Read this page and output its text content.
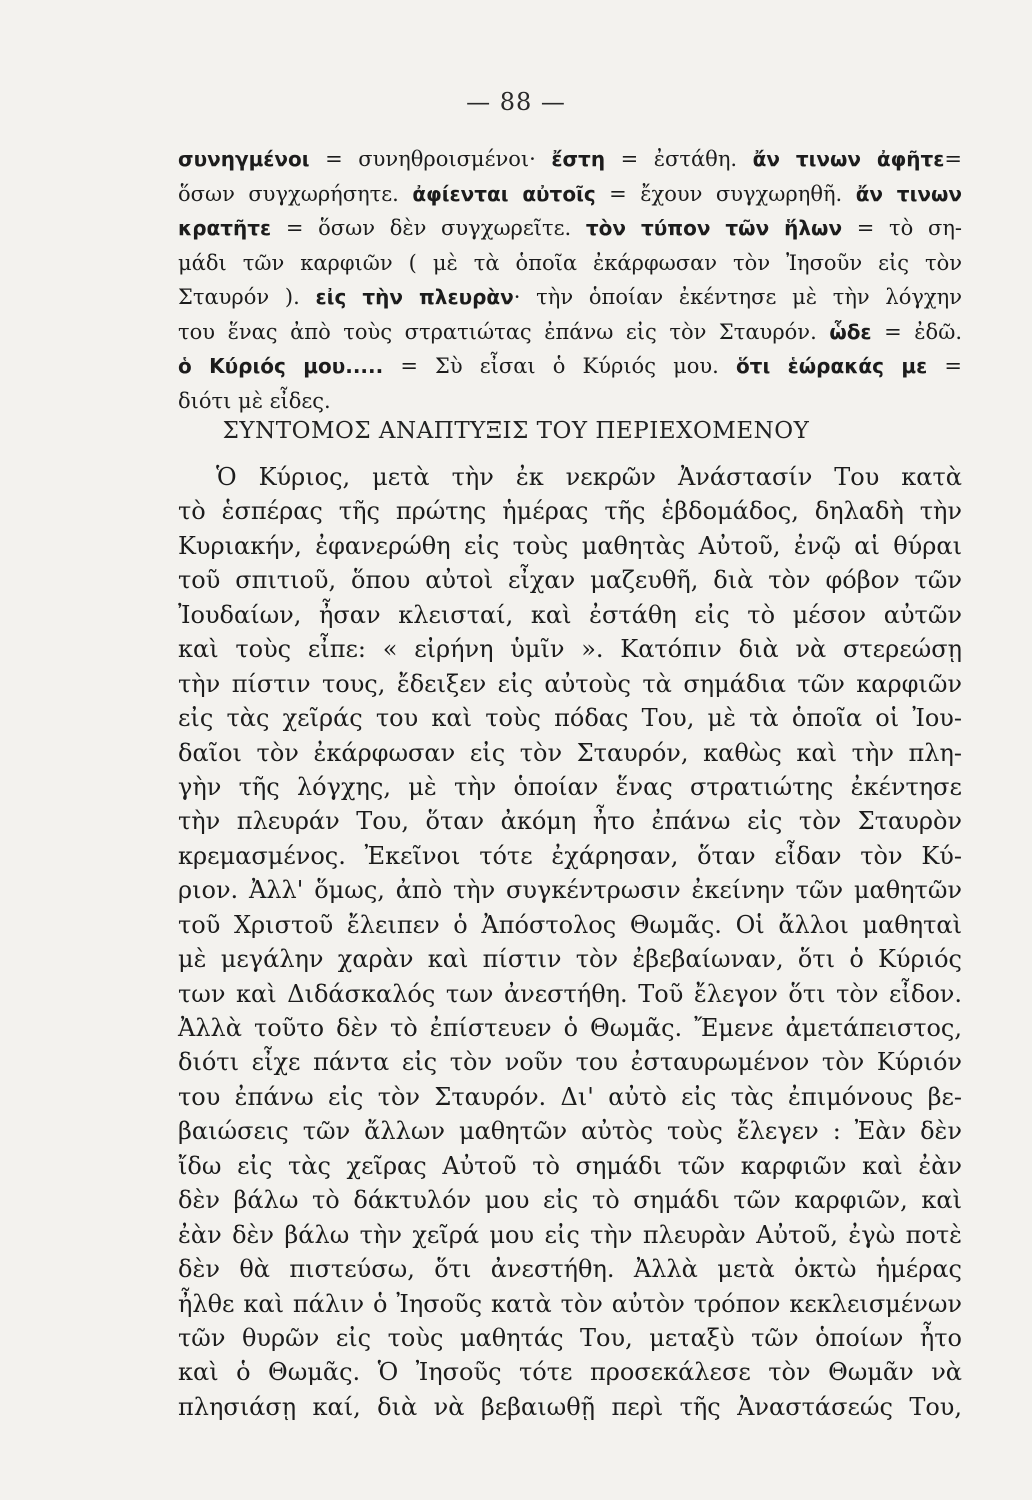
— 88 —
συνηγμένοι = συνηθροισμένοι· ἔστη = ἐστάθη. ἄν τινων ἀφῆτε=
ὅσων συγχωρήσητε. ἀφίενται αὐτοῖς = ἔχουν συγχωρηθῆ. ἄν τινων
κρατῆτε = ὅσων δὲν συγχωρεῖτε. τὸν τύπον τῶν ἥλων = τὸ ση-
μάδι τῶν καρφιῶν ( μὲ τὰ ὁποῖα ἐκάρφωσαν τὸν Ἰησοῦν εἰς τὸν
Σταυρόν ). εἰς τὴν πλευρὰν· τὴν ὁποίαν ἐκέντησε μὲ τὴν λόγχην
του ἕνας ἀπὸ τοὺς στρατιώτας ἐπάνω εἰς τὸν Σταυρόν. ὧδε = ἐδῶ.
ὁ Κύριός μου..... = Σὺ εἶσαι ὁ Κύριός μου. ὅτι ἑώρακάς με =
διότι μὲ εἶδες.
ΣΥΝΤΟΜΟΣ ΑΝΑΠΤΥΞΙΣ ΤΟΥ ΠΕΡΙΕΧΟΜΕΝΟΥ
Ὁ Κύριος, μετὰ τὴν ἐκ νεκρῶν Ἀνάστασίν Του κατὰ
τὸ ἑσπέρας τῆς πρώτης ἡμέρας τῆς ἑβδομάδος, δηλαδὴ τὴν
Κυριακήν, ἐφανερώθη εἰς τοὺς μαθητὰς Αὐτοῦ, ἐνῷ αἱ θύραι
τοῦ σπιτιοῦ, ὅπου αὐτοὶ εἶχαν μαζευθῆ, διὰ τὸν φόβον τῶν
Ἰουδαίων, ἦσαν κλεισταί, καὶ ἐστάθη εἰς τὸ μέσον αὐτῶν
καὶ τοὺς εἶπε: « εἰρήνη ὑμῖν ». Κατόπιν διὰ νὰ στερεώσῃ
τὴν πίστιν τους, ἔδειξεν εἰς αὐτοὺς τὰ σημάδια τῶν καρφιῶν
εἰς τὰς χεῖράς του καὶ τοὺς πόδας Του, μὲ τὰ ὁποῖα οἱ Ἰου-
δαῖοι τὸν ἐκάρφωσαν εἰς τὸν Σταυρόν, καθὼς καὶ τὴν πλη-
γὴν τῆς λόγχης, μὲ τὴν ὁποίαν ἕνας στρατιώτης ἐκέντησε
τὴν πλευράν Του, ὅταν ἀκόμη ἦτο ἐπάνω εἰς τὸν Σταυρὸν
κρεμασμένος. Ἐκεῖνοι τότε ἐχάρησαν, ὅταν εἶδαν τὸν Κύ-
ριον. Ἀλλ' ὅμως, ἀπὸ τὴν συγκέντρωσιν ἐκείνην τῶν μαθητῶν
τοῦ Χριστοῦ ἔλειπεν ὁ Ἀπόστολος Θωμᾶς. Οἱ ἄλλοι μαθηταὶ
μὲ μεγάλην χαρὰν καὶ πίστιν τὸν ἐβεβαίωναν, ὅτι ὁ Κύριός
των καὶ Διδάσκαλός των ἀνεστήθη. Τοῦ ἔλεγον ὅτι τὸν εἶδον.
Ἀλλὰ τοῦτο δὲν τὸ ἐπίστευεν ὁ Θωμᾶς. Ἔμενε ἀμετάπειστος,
διότι εἶχε πάντα εἰς τὸν νοῦν του ἐσταυρωμένον τὸν Κύριόν
του ἐπάνω εἰς τὸν Σταυρόν. Δι' αὐτὸ εἰς τὰς ἐπιμόνους βε-
βαιώσεις τῶν ἄλλων μαθητῶν αὐτὸς τοὺς ἔλεγεν : Ἐὰν δὲν
ἴδω εἰς τὰς χεῖρας Αὐτοῦ τὸ σημάδι τῶν καρφιῶν καὶ ἐὰν
δὲν βάλω τὸ δάκτυλόν μου εἰς τὸ σημάδι τῶν καρφιῶν, καὶ
ἐὰν δὲν βάλω τὴν χεῖρά μου εἰς τὴν πλευρὰν Αὐτοῦ, ἐγὼ ποτὲ
δὲν θὰ πιστεύσω, ὅτι ἀνεστήθη. Ἀλλὰ μετὰ ὀκτὼ ἡμέρας
ἦλθε καὶ πάλιν ὁ Ἰησοῦς κατὰ τὸν αὐτὸν τρόπον κεκλεισμένων
τῶν θυρῶν εἰς τοὺς μαθητάς Του, μεταξὺ τῶν ὁποίων ἦτο
καὶ ὁ Θωμᾶς. Ὁ Ἰησοῦς τότε προσεκάλεσε τὸν Θωμᾶν νὰ
πλησιάσῃ καί, διὰ νὰ βεβαιωθῇ περὶ τῆς Ἀναστάσεώς Του,
